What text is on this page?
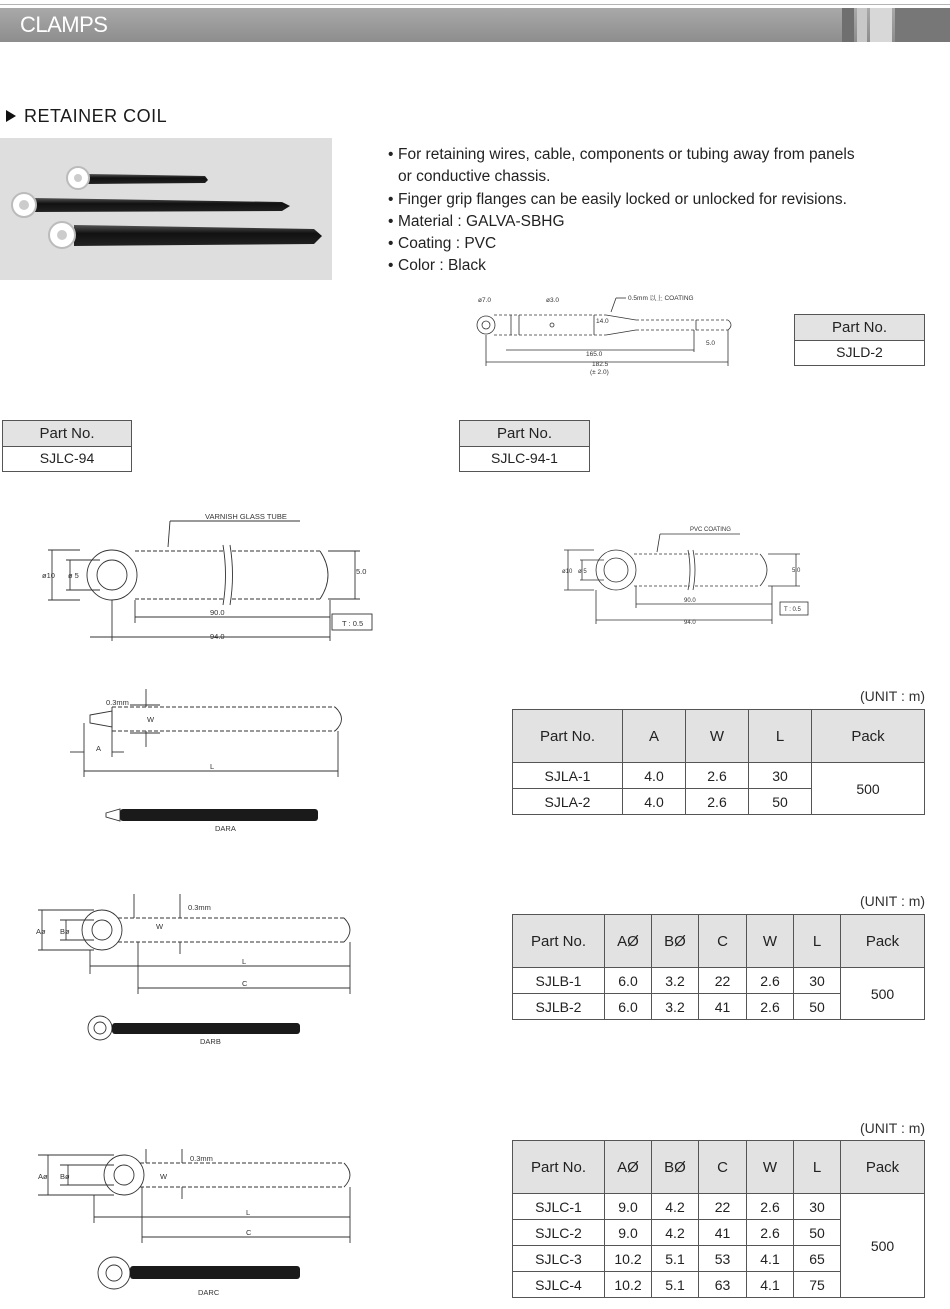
CLAMPS
RETAINER COIL
• For retaining wires, cable, components or tubing away from panels
or conductive chassis.
• Finger grip flanges can be easily locked or unlocked for revisions.
• Material : GALVA-SBHG
• Coating : PVC
• Color : Black
ø7.0	ø3.0	0.5mm 以上 COATING
14.0
5.0
165.0
182.5
(± 2.0)
Part No.
SJLD-2
Part No.
SJLC-94
Part No.
SJLC-94-1
VARNISH GLASS TUBE
ø10 ø 5	5.0
90.0
94.0
T : 0.5
PVC COATING
ø10 ø 5	5.0
90.0
94.0
T : 0.5
0.3mm
W
A
L
DARA
0.3mm
Aø Bø
W
L
C
DARB
0.3mm
Aø Bø	W
L
C
DARC
(UNIT : m)
Part No.	A	W	L	Pack
SJLA-1	4.0	2.6	30	500
SJLA-2	4.0	2.6	50	
(UNIT : m)
Part No.	AØ	BØ	C	W	L	Pack
SJLB-1	6.0	3.2	22	2.6	30	500
SJLB-2	6.0	3.2	41	2.6	50	
(UNIT : m)
Part No.	AØ	BØ	C	W	L	Pack
SJLC-1	9.0	4.2	22	2.6	30	500
SJLC-2	9.0	4.2	41	2.6	50	
SJLC-3	10.2	5.1	53	4.1	65	
SJLC-4	10.2	5.1	63	4.1	75	
